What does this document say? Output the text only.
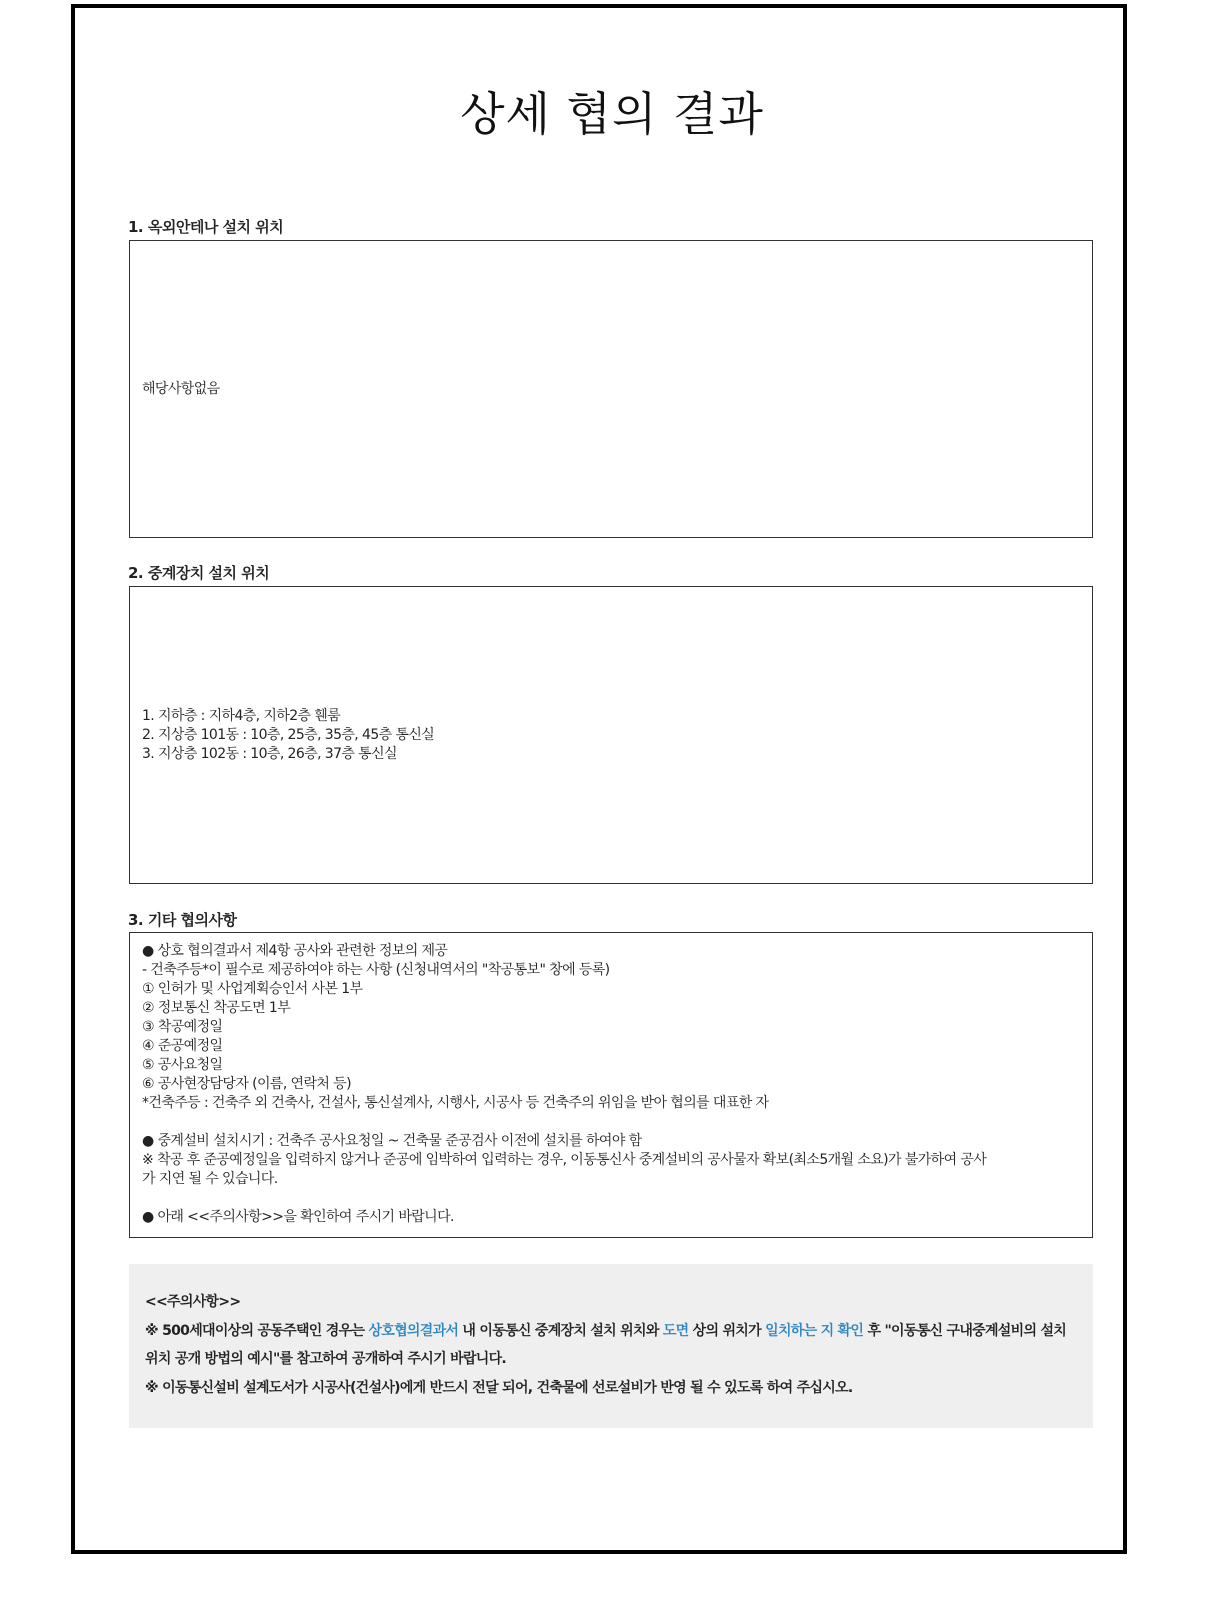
상세 협의 결과
1. 옥외안테나 설치 위치

해당사항없음

2. 중계장치 설치 위치
1. 지하층 : 지하4층, 지하2층 휀룸
2. 지상층 101동 : 10층, 25층, 35층, 45층 통신실
3. 지상층 102동 : 10층, 26층, 37층 통신실
3. 기타 협의사항
● 상호 협의결과서 제4항 공사와 관련한 정보의 제공
- 건축주등*이 필수로 제공하여야 하는 사항 (신청내역서의 "착공통보" 창에 등록)
① 인허가 및 사업계획승인서 사본 1부
② 정보통신 착공도면 1부
③ 착공예정일
④ 준공예정일
⑤ 공사요청일
⑥ 공사현장담당자 (이름, 연락처 등)
*건축주등 : 건축주 외 건축사, 건설사, 통신설계사, 시행사, 시공사 등 건축주의 위임을 받아 협의를 대표한 자
● 중계설비 설치시기 : 건축주 공사요청일 ~ 건축물 준공검사 이전에 설치를 하여야 함
※ 착공 후 준공예정일을 입력하지 않거나 준공에 임박하여 입력하는 경우, 이동통신사 중계설비의 공사물자 확보(최소5개월 소요)가 불가하여 공사
가 지연 될 수 있습니다.
● 아래 <<주의사항>>을 확인하여 주시기 바랍니다.

<<주의사항>>

※ 500세대이상의 공동주택인 경우는 상호협의결과서 내 이동통신 중계장치 설치 위치와 도면 상의 위치가 일치하는 지 확인 후 "이동통신 구내중계설비의 설치위치 공개 방법의 예시"를 참고하여 공개하여 주시기 바랍니다.

※ 이동통신설비 설계도서가 시공사(건설사)에게 반드시 전달 되어, 건축물에 선로설비가 반영 될 수 있도록 하여 주십시오.
